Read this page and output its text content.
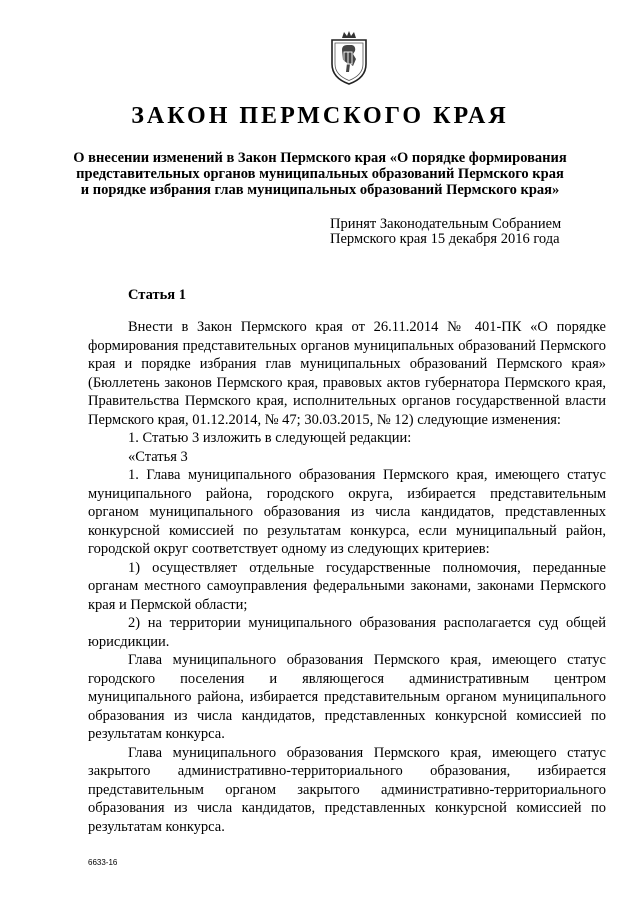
ЗАКОН ПЕРМСКОГО КРАЯ
О внесении изменений в Закон Пермского края «О порядке формирования
представительных органов муниципальных образований Пермского края
и порядке избрания глав муниципальных образований Пермского края»
Принят Законодательным Собранием
Пермского края 15 декабря 2016 года
Статья 1

Внести в Закон Пермского края от 26.11.2014 № 401-ПК «О порядке формирования представительных органов муниципальных образований Пермского края и порядке избрания глав муниципальных образований Пермского края» (Бюллетень законов Пермского края, правовых актов губернатора Пермского края, Правительства Пермского края, исполнительных органов государственной власти Пермского края, 01.12.2014, № 47; 30.03.2015, № 12) следующие изменения:

1. Статью 3 изложить в следующей редакции:

«Статья 3

1. Глава муниципального образования Пермского края, имеющего статус муниципального района, городского округа, избирается представительным органом муниципального образования из числа кандидатов, представленных конкурсной комиссией по результатам конкурса, если муниципальный район, городской округ соответствует одному из следующих критериев:

1) осуществляет отдельные государственные полномочия, переданные органам местного самоуправления федеральными законами, законами Пермского края и Пермской области;

2) на территории муниципального образования располагается суд общей юрисдикции.

Глава муниципального образования Пермского края, имеющего статус городского поселения и являющегося административным центром муниципального района, избирается представительным органом муниципального образования из числа кандидатов, представленных конкурсной комиссией по результатам конкурса.

Глава муниципального образования Пермского края, имеющего статус закрытого административно-территориального образования, избирается представительным органом закрытого административно-территориального образования из числа кандидатов, представленных конкурсной комиссией по результатам конкурса.

6633-16
